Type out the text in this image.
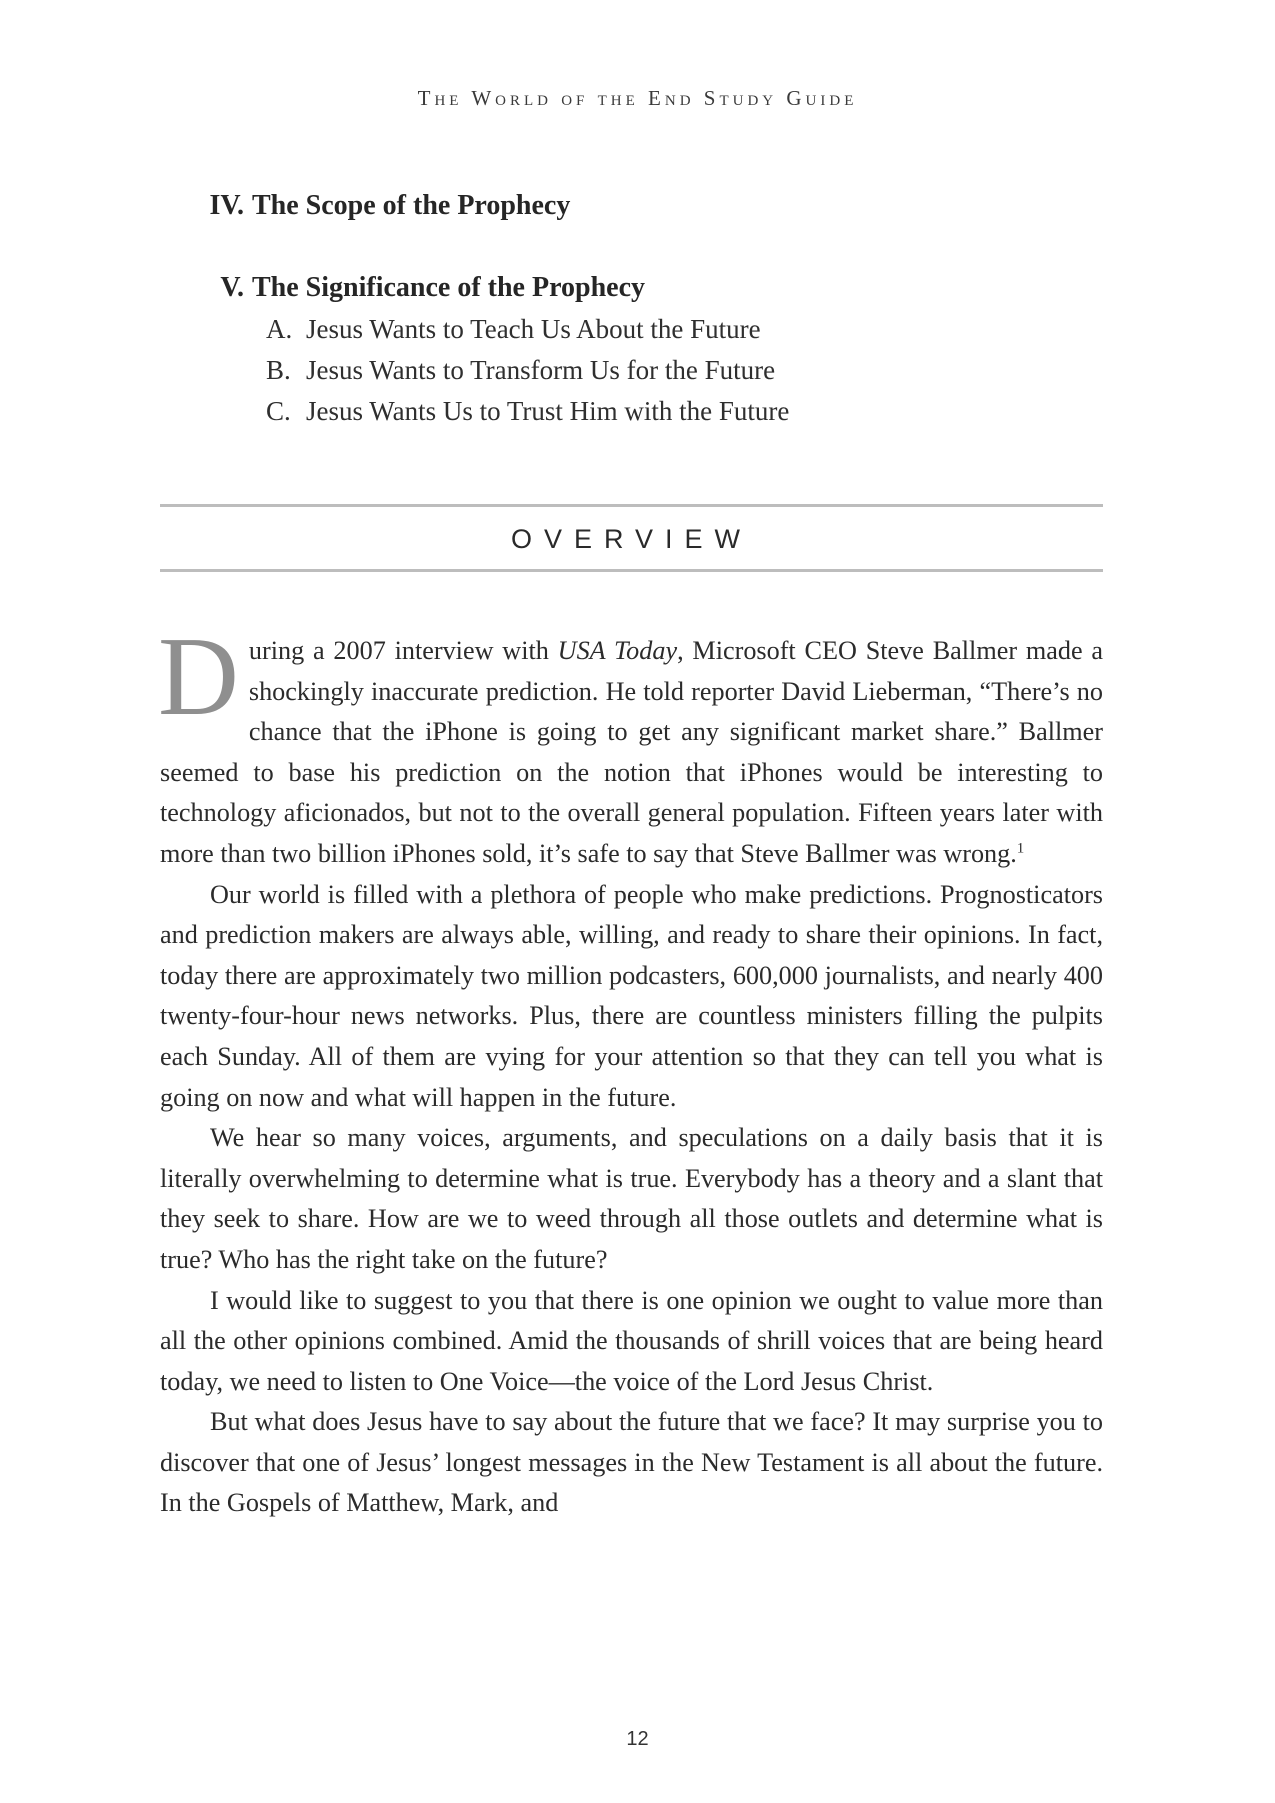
The World of the End Study Guide
IV. The Scope of the Prophecy
V. The Significance of the Prophecy
A. Jesus Wants to Teach Us About the Future
B. Jesus Wants to Transform Us for the Future
C. Jesus Wants Us to Trust Him with the Future
OVERVIEW

During a 2007 interview with USA Today, Microsoft CEO Steve Ballmer made a shockingly inaccurate prediction. He told reporter David Lieberman, “There’s no chance that the iPhone is going to get any significant market share.” Ballmer seemed to base his prediction on the notion that iPhones would be interesting to technology aficionados, but not to the overall general population. Fifteen years later with more than two billion iPhones sold, it’s safe to say that Steve Ballmer was wrong.$^1$

Our world is filled with a plethora of people who make predictions. Prognosticators and prediction makers are always able, willing, and ready to share their opinions. In fact, today there are approximately two million podcasters, 600,000 journalists, and nearly 400 twenty-four-hour news networks. Plus, there are countless ministers filling the pulpits each Sunday. All of them are vying for your attention so that they can tell you what is going on now and what will happen in the future.

We hear so many voices, arguments, and speculations on a daily basis that it is literally overwhelming to determine what is true. Everybody has a theory and a slant that they seek to share. How are we to weed through all those outlets and determine what is true? Who has the right take on the future?

I would like to suggest to you that there is one opinion we ought to value more than all the other opinions combined. Amid the thousands of shrill voices that are being heard today, we need to listen to One Voice—the voice of the Lord Jesus Christ.

But what does Jesus have to say about the future that we face? It may surprise you to discover that one of Jesus’ longest messages in the New Testament is all about the future. In the Gospels of Matthew, Mark, and

12
